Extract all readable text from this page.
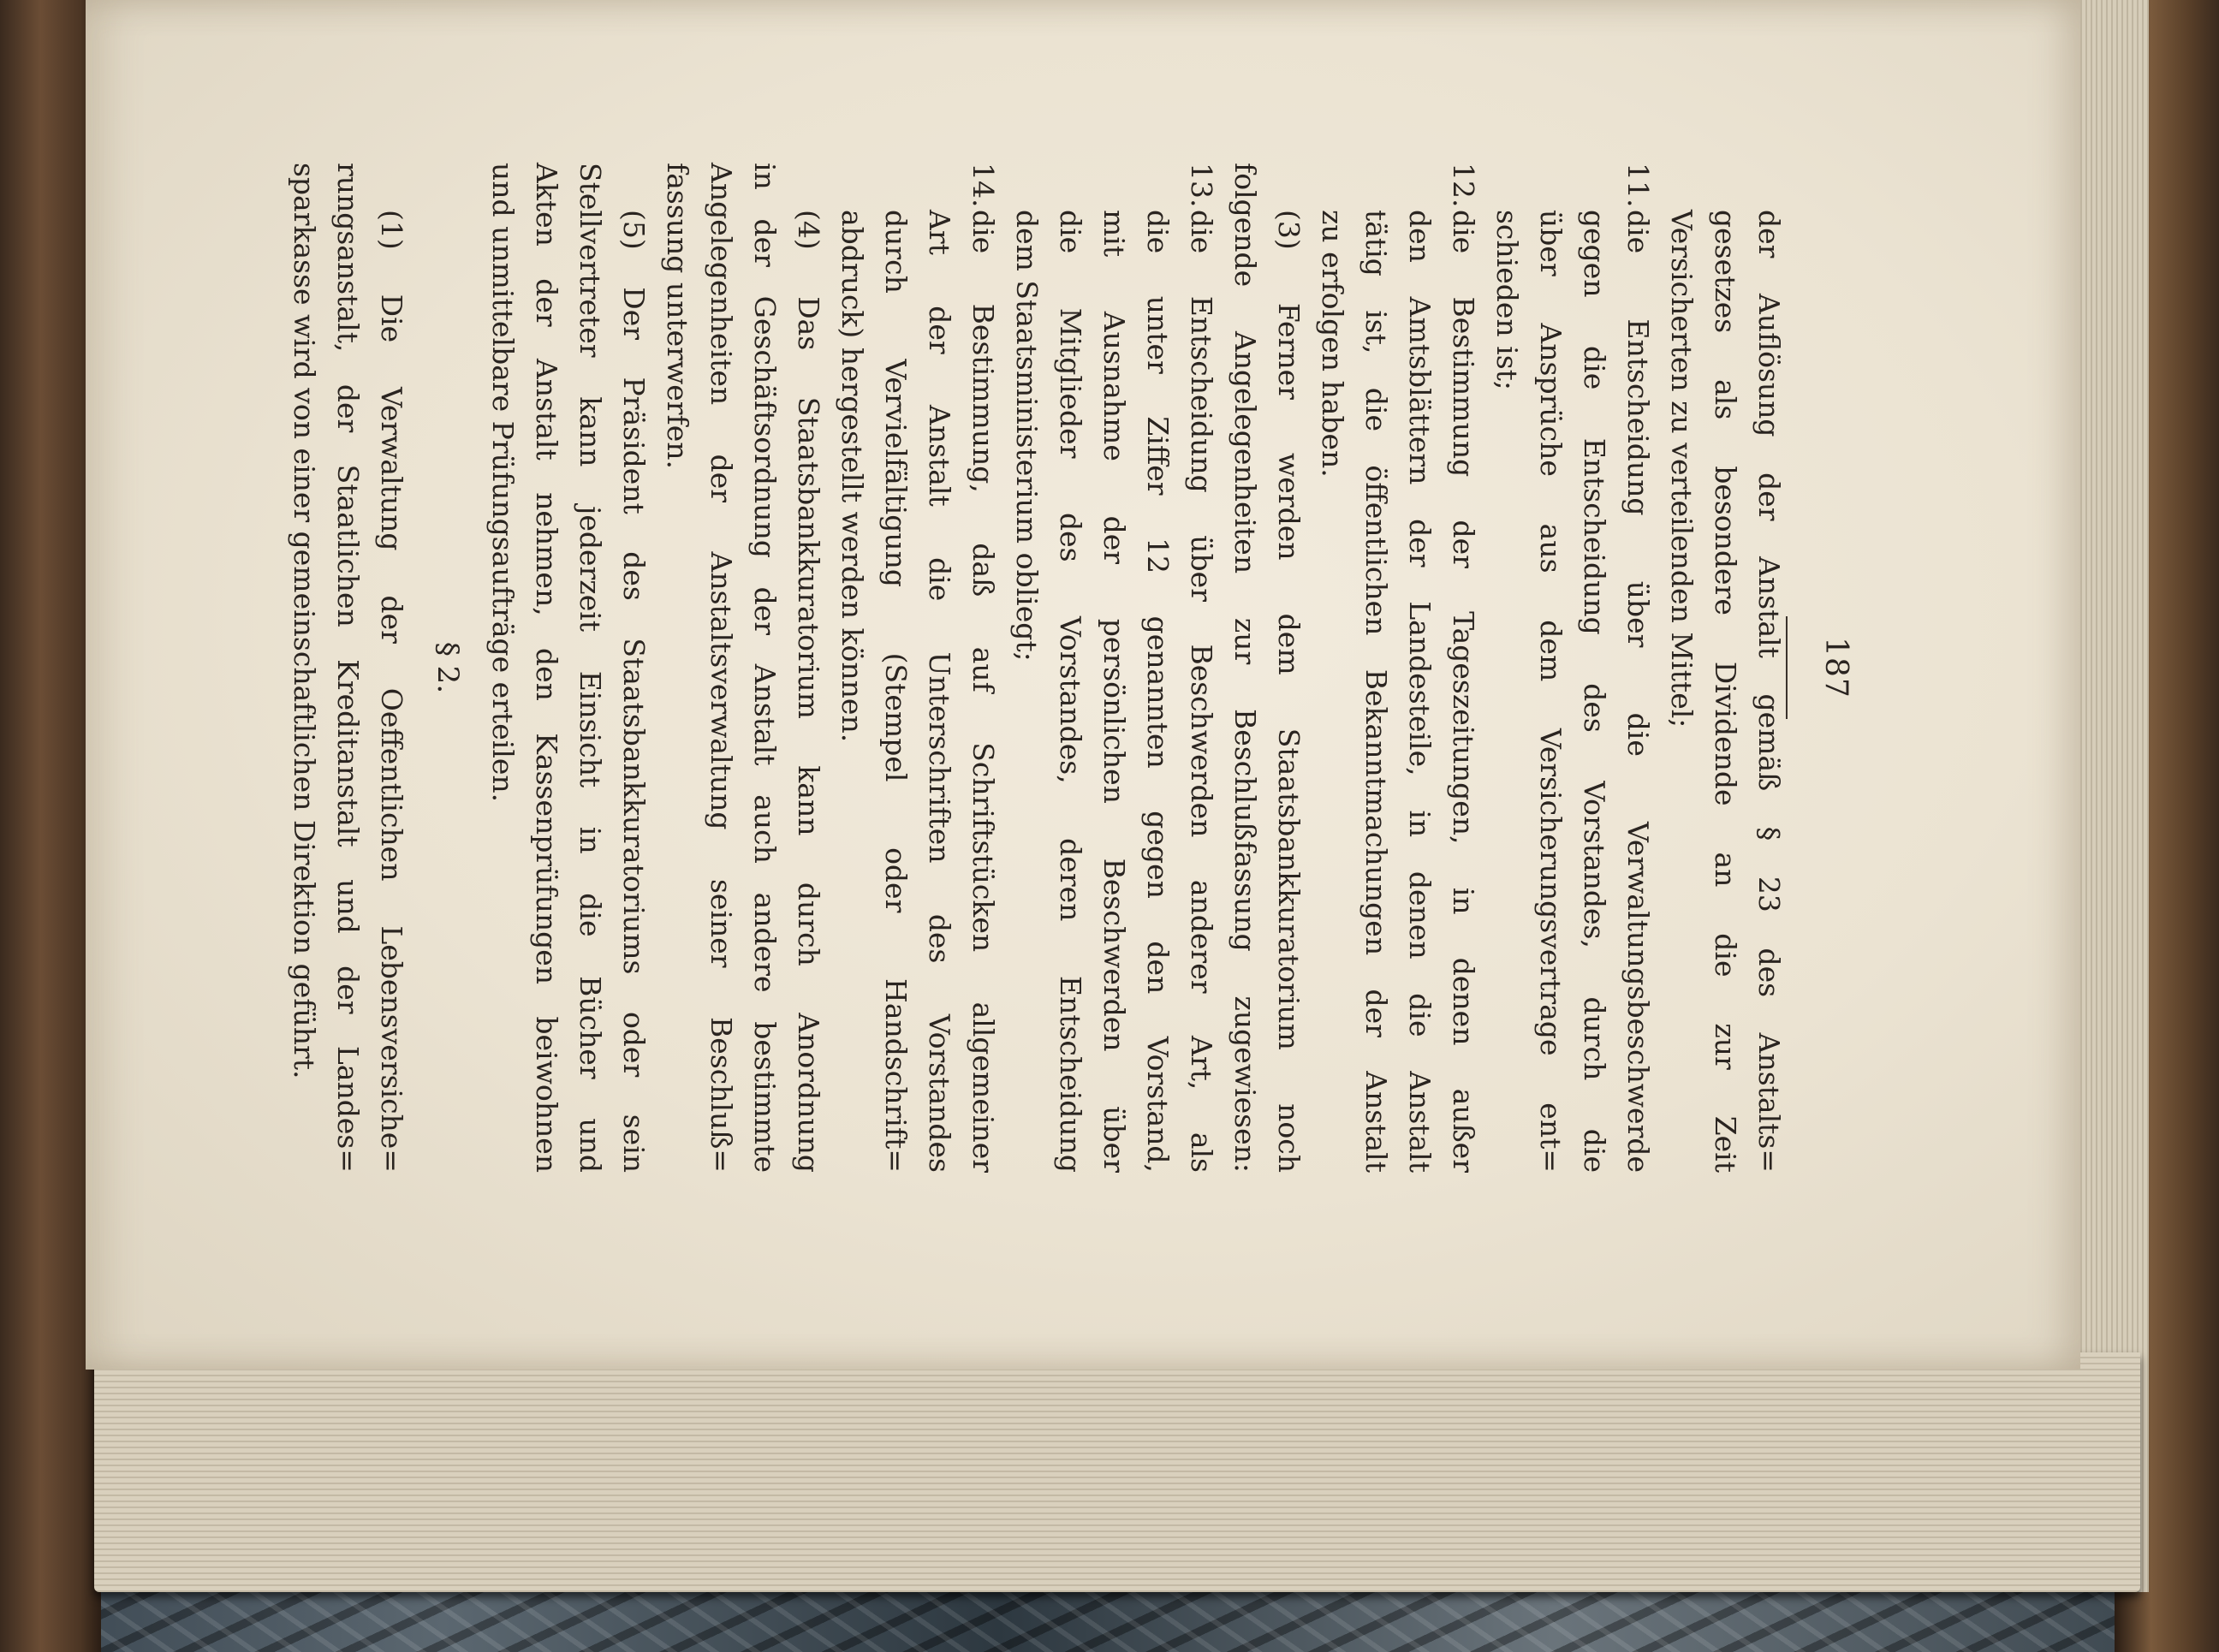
187
der Auflösung der Anstalt gemäß § 23 des Anstalts=
gesetzes als besondere Dividende an die zur Zeit
Versicherten zu verteilenden Mittel;
11.
die Entscheidung über die Verwaltungsbeschwerde
gegen die Entscheidung des Vorstandes, durch die
über Ansprüche aus dem Versicherungsvertrage ent=
schieden ist;
12.
die Bestimmung der Tageszeitungen, in denen außer
den Amtsblättern der Landesteile, in denen die Anstalt
tätig ist, die öffentlichen Bekanntmachungen der Anstalt
zu erfolgen haben.
(3) Ferner werden dem Staatsbankkuratorium noch
folgende Angelegenheiten zur Beschlußfassung zugewiesen:
13.
die Entscheidung über Beschwerden anderer Art, als
die unter Ziffer 12 genannten gegen den Vorstand,
mit Ausnahme der persönlichen Beschwerden über
die Mitglieder des Vorstandes, deren Entscheidung
dem Staatsministerium obliegt;
14.
die Bestimmung, daß auf Schriftstücken allgemeiner
Art der Anstalt die Unterschriften des Vorstandes
durch Vervielfältigung (Stempel oder Handschrift=
abdruck) hergestellt werden können.
(4) Das Staatsbankkuratorium kann durch Anordnung
in der Geschäftsordnung der Anstalt auch andere bestimmte
Angelegenheiten der Anstaltsverwaltung seiner Beschluß=
fassung unterwerfen.
(5) Der Präsident des Staatsbankkuratoriums oder sein
Stellvertreter kann jederzeit Einsicht in die Bücher und
Akten der Anstalt nehmen, den Kassenprüfungen beiwohnen
und unmittelbare Prüfungsaufträge erteilen.
§ 2.
(1) Die Verwaltung der Oeffentlichen Lebensversiche=
rungsanstalt, der Staatlichen Kreditanstalt und der Landes=
sparkasse wird von einer gemeinschaftlichen Direktion geführt.
